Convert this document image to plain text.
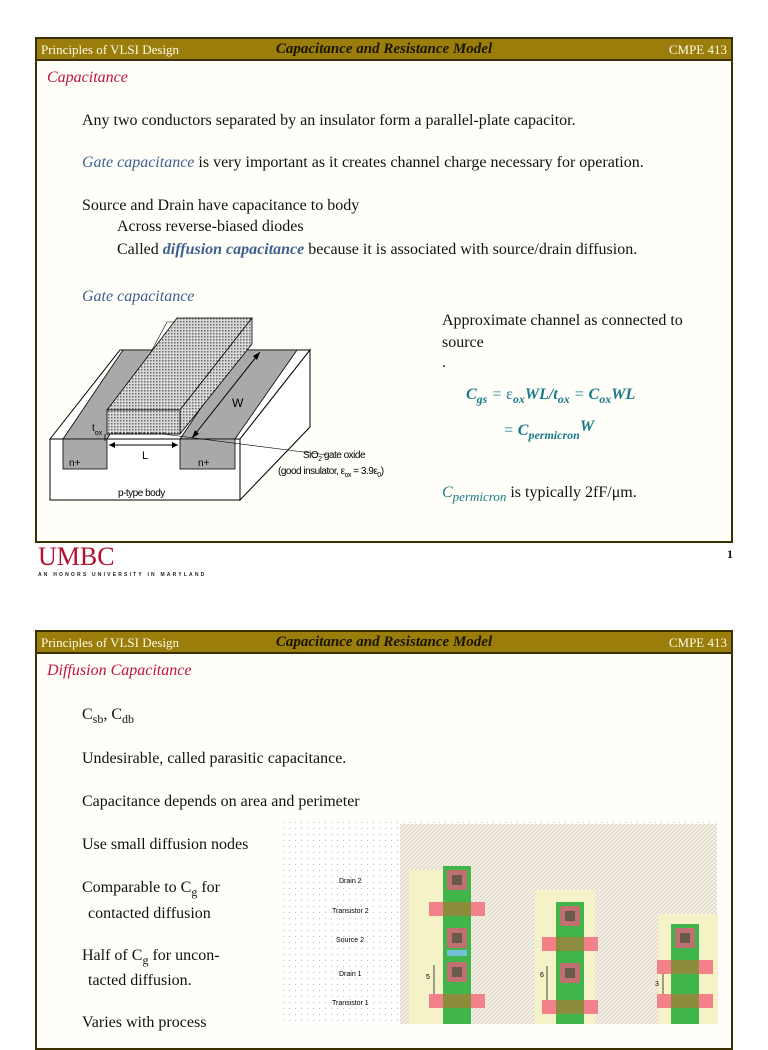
Principles of VLSI Design	Capacitance and Resistance Model	CMPE 413
Capacitance
Any two conductors separated by an insulator form a parallel-plate capacitor.
Gate capacitance is very important as it creates channel charge necessary for operation.
Source and Drain have capacitance to body
Across reverse-biased diodes
Called diffusion capacitance because it is associated with source/drain diffusion.
Gate capacitance
W
$t_{ox}$
L
n+	n+
SiO$_2$ gate oxide
(good insulator, $\varepsilon_{ox} = 3.9\varepsilon_0$)
p-type body
Approximate channel as connected to
source
.
$C_{gs} = \varepsilon_{ox}WL/t_{ox} = C_{ox}WL$
= $C_{permicron}W$
$C_{permicron}$ is typically 2fF/μm.
UMBC
AN HONORS UNIVERSITY IN MARYLAND
1
Principles of VLSI Design	Capacitance and Resistance Model	CMPE 413
Diffusion Capacitance
$C_{sb}$, $C_{db}$
Undesirable, called parasitic capacitance.
Capacitance depends on area and perimeter
Use small diffusion nodes
Comparable to $C_g$ for
contacted diffusion
Half of $C_g$ for uncon-
tacted diffusion.
Varies with process
5	6
3
Drain 2
Transistor 2
Source 2
Drain 1
Transistor 1
